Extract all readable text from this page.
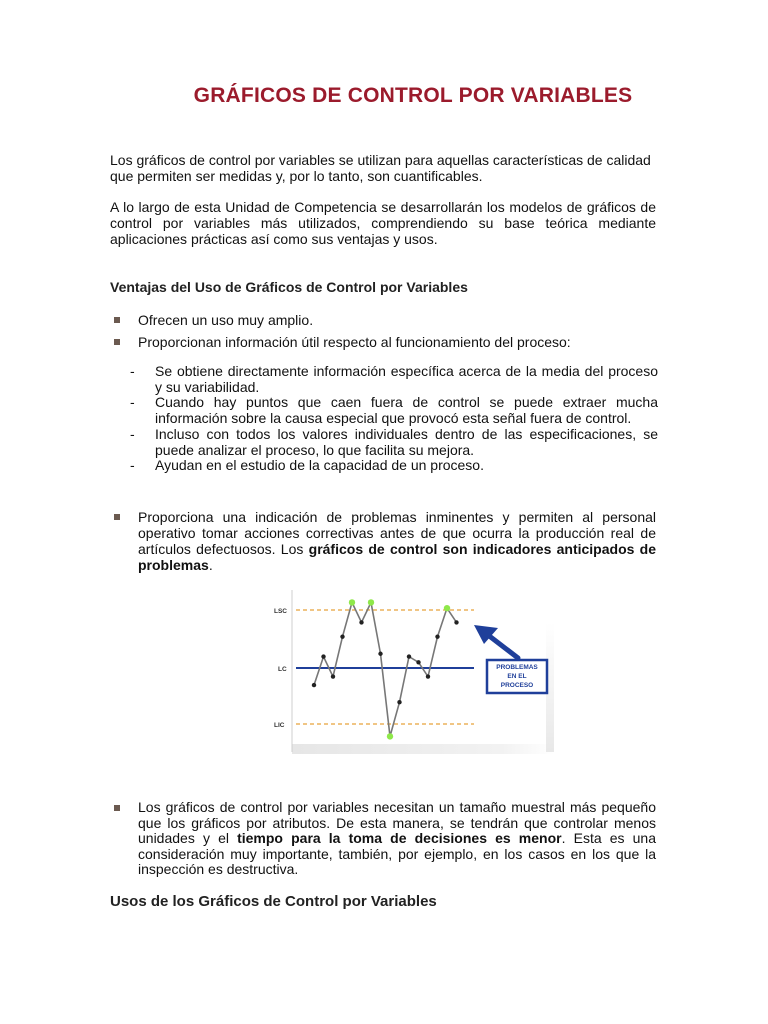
GRÁFICOS DE CONTROL POR VARIABLES
Los gráficos de control por variables se utilizan para aquellas características de calidad que permiten ser medidas y, por lo tanto, son cuantificables.
A lo largo de esta Unidad de Competencia se desarrollarán los modelos de gráficos de control por variables más utilizados, comprendiendo su base teórica mediante aplicaciones prácticas así como sus ventajas y usos.
Ventajas del Uso de Gráficos de Control por Variables
Ofrecen un uso muy amplio.
Proporcionan información útil respecto al funcionamiento del proceso:
-	Se obtiene directamente información específica acerca de la media del proceso y su variabilidad.
-	Cuando hay puntos que caen fuera de control se puede extraer mucha información sobre la causa especial que provocó esta señal fuera de control.
-	Incluso con todos los valores individuales dentro de las especificaciones, se puede analizar el proceso, lo que facilita su mejora.
-	Ayudan en el estudio de la capacidad de un proceso.
Proporciona una indicación de problemas inminentes y permiten al personal operativo tomar acciones correctivas antes de que ocurra la producción real de artículos defectuosos. Los gráficos de control son indicadores anticipados de problemas.
LSC
LC
LIC
PROBLEMAS
EN EL
PROCESO
Los gráficos de control por variables necesitan un tamaño muestral más pequeño que los gráficos por atributos. De esta manera, se tendrán que controlar menos unidades y el tiempo para la toma de decisiones es menor. Esta es una consideración muy importante, también, por ejemplo, en los casos en los que la inspección es destructiva.
Usos de los Gráficos de Control por Variables
